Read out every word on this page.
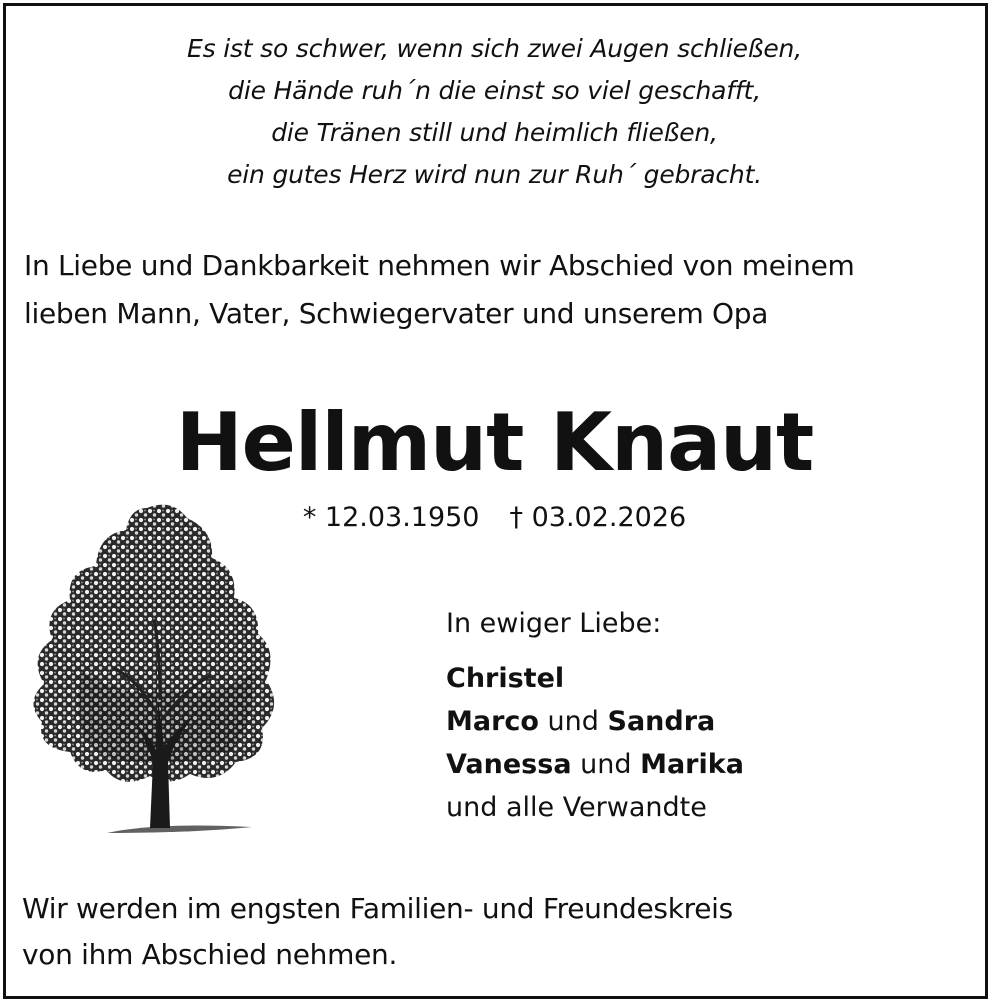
Es ist so schwer, wenn sich zwei Augen schließen,
die Hände ruh´n die einst so viel geschafft,
die Tränen still und heimlich fließen,
ein gutes Herz wird nun zur Ruh´ gebracht.
In Liebe und Dankbarkeit nehmen wir Abschied von meinem
lieben Mann, Vater, Schwiegervater und unserem Opa
Hellmut Knaut
* 12.03.1950 † 03.02.2026
In ewiger Liebe:
Christel
Marco und Sandra
Vanessa und Marika
und alle Verwandte
Wir werden im engsten Familien- und Freundeskreis
von ihm Abschied nehmen.
